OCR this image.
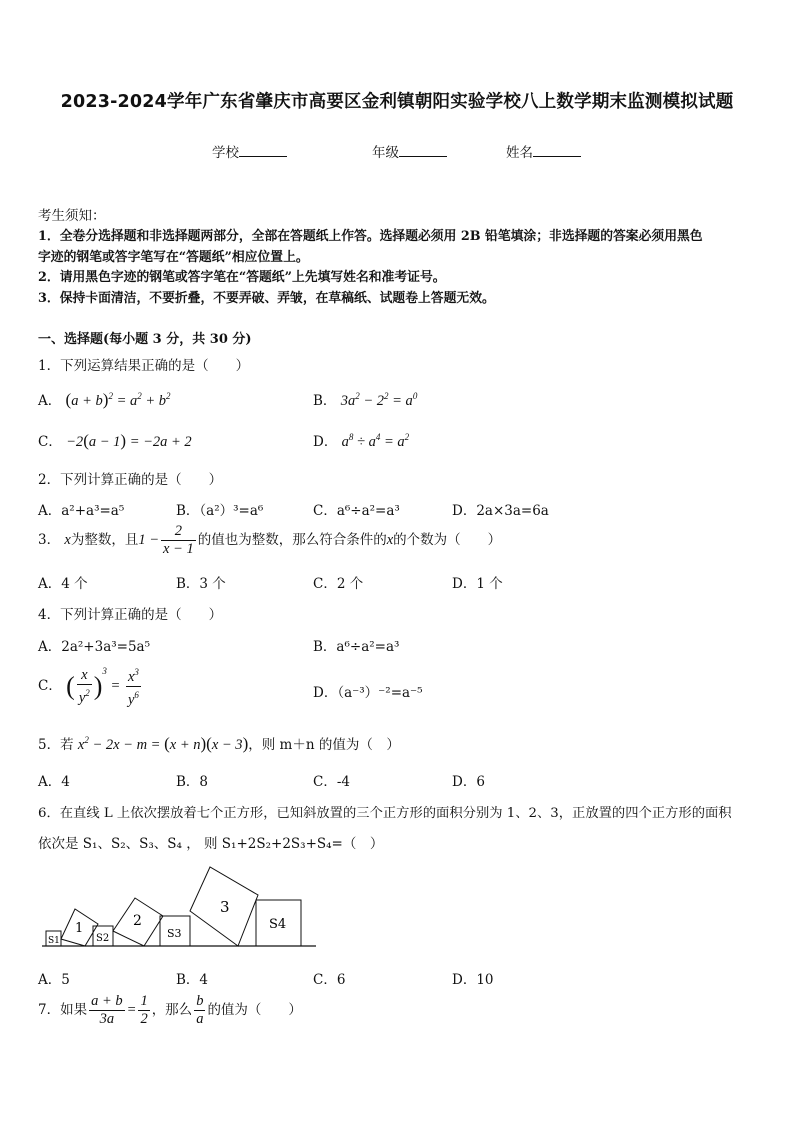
2023-2024学年广东省肇庆市高要区金利镇朝阳实验学校八上数学期末监测模拟试题
学校	年级	姓名
考生须知：
1．全卷分选择题和非选择题两部分，全部在答题纸上作答。选择题必须用 2B 铅笔填涂；非选择题的答案必须用黑色
字迹的钢笔或答字笔写在“答题纸”相应位置上。
2．请用黑色字迹的钢笔或答字笔在“答题纸”上先填写姓名和准考证号。
3．保持卡面清洁，不要折叠，不要弄破、弄皱，在草稿纸、试题卷上答题无效。
一、选择题(每小题 3 分，共 30 分)
1．下列运算结果正确的是（　　）
A． $(a + b)^2 = a^2 + b^2$	B． $3a^2 - 2^2 = a^0$
C． −2(a − 1) = −2a + 2	D． $a^8 \div a^4 = a^2$
2．下列计算正确的是（　　）
A．a²+a³=a⁵	B．（a²）³=a⁶	C．a⁶÷a²=a³	D．2a×3a=6a
3． x为整数，且$1 - \frac{2}{x - 1}$ 的值也为整数，那么符合条件的x的个数为（　　）
A．4 个	B．3 个	C．2 个	D．1 个
4．下列计算正确的是（　　）
A．2a²+3a³=5a⁵	B．a⁶÷a²=a³
C． ( $\frac{x}{y^2} )^3 = \frac{x^3}{y^6}$	D．（a⁻³）⁻²=a⁻⁵
5．若 $x^2 - 2x - m = (x + n)(x - 3)$，则 m＋n 的值为（　）
A．4	B．8	C．-4	D．6
6．在直线 L 上依次摆放着七个正方形，已知斜放置的三个正方形的面积分别为 1、2、3，正放置的四个正方形的面积
依次是 S₁、S₂、S₃、S₄ ， 则 S₁+2S₂+2S₃+S₄=（　）
S1
1
S2
2
S3
3
S4
A．5	B．4	C．6	D．10
7．如果 $\frac{a + b}{3a} = \frac{1}{2}$ ，那么 $\frac{b}{a}$ 的值为（　　）
